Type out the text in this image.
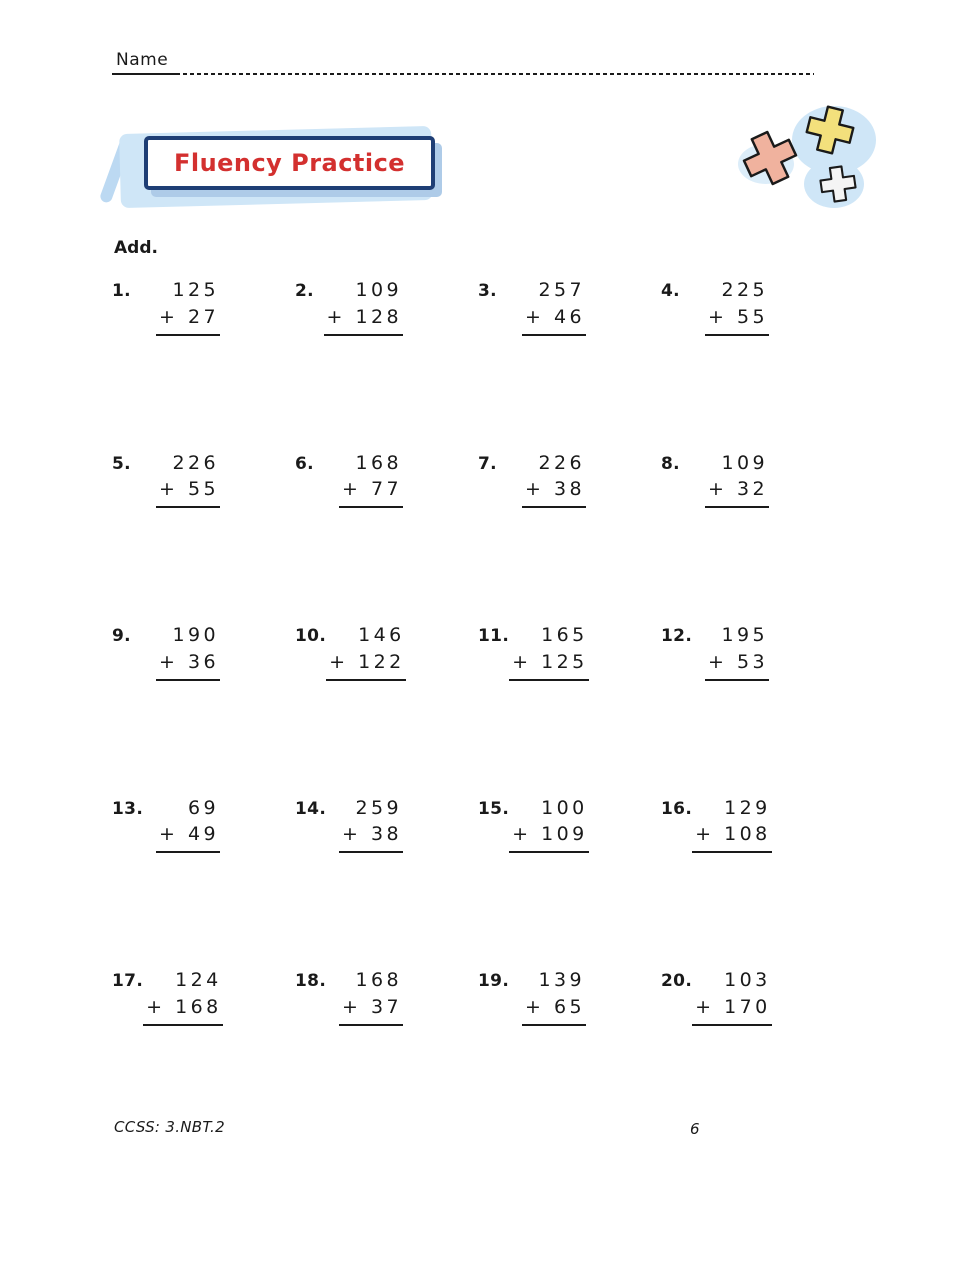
Name
Fluency Practice
Add.
1. 125
+ 27
2. 109
+ 128
3. 257
+ 46
4. 225
+ 55
5. 226
+ 55
6. 168
+ 77
7. 226
+ 38
8. 109
+ 32
9. 190
+ 36
10. 146
+ 122
11. 165
+ 125
12. 195
+ 53
13. 69
+ 49
14. 259
+ 38
15. 100
+ 109
16. 129
+ 108
17. 124
+ 168
18. 168
+ 37
19. 139
+ 65
20. 103
+ 170
CCSS: 3.NBT.2	6
